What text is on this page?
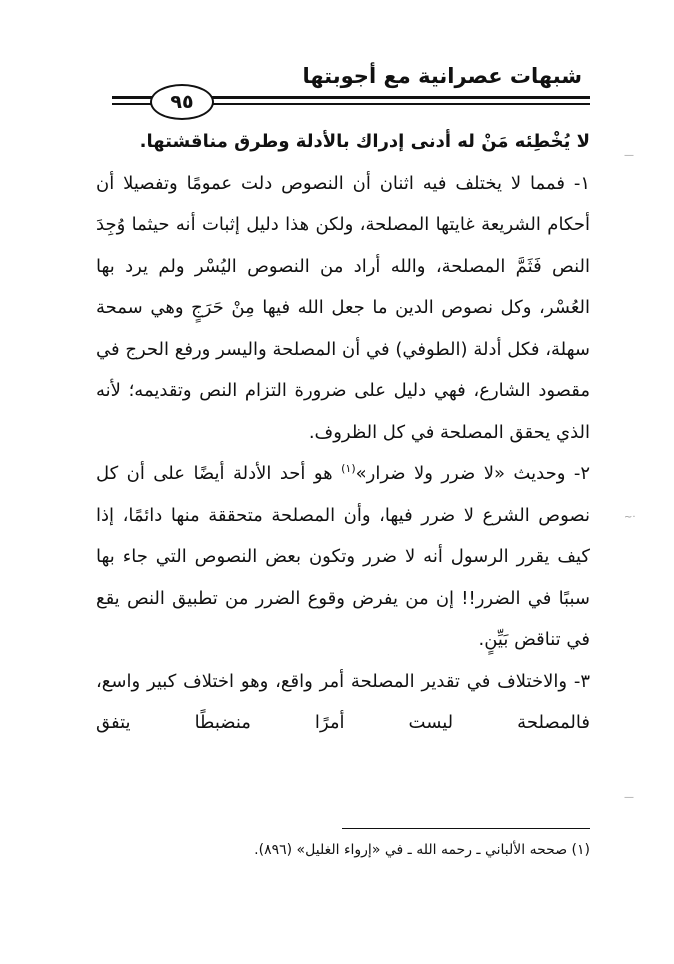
شبهات عصرانية مع أجوبتها
٩٥
—
·~
—

لا يُخْطِئه مَنْ له أدنى إدراك بالأدلة وطرق مناقشتها.

١- فمما لا يختلف فيه اثنان أن النصوص دلت عمومًا وتفصيلا أن أحكام الشريعة غايتها المصلحة، ولكن هذا دليل إثبات أنه حيثما وُجِدَ النص فَثَمَّ المصلحة، والله أراد من النصوص اليُسْر ولم يرد بها العُسْر، وكل نصوص الدين ما جعل الله فيها مِنْ حَرَجٍ وهي سمحة سهلة، فكل أدلة (الطوفي) في أن المصلحة واليسر ورفع الحرج في مقصود الشارع، فهي دليل على ضرورة التزام النص وتقديمه؛ لأنه الذي يحقق المصلحة في كل الظروف.

٢- وحديث «لا ضرر ولا ضرار»$^{(١)}$ هو أحد الأدلة أيضًا على أن كل نصوص الشرع لا ضرر فيها، وأن المصلحة متحققة منها دائمًا، إذا كيف يقرر الرسول أنه لا ضرر وتكون بعض النصوص التي جاء بها سببًا في الضرر!! إن من يفرض وقوع الضرر من تطبيق النص يقع في تناقض بَيِّنٍ.

٣- والاختلاف في تقدير المصلحة أمر واقع، وهو اختلاف كبير واسع، فالمصلحة ليست أمرًا منضبطًا يتفق

(١) صححه الألباني ـ رحمه الله ـ في «إرواء الغليل» (٨٩٦).
